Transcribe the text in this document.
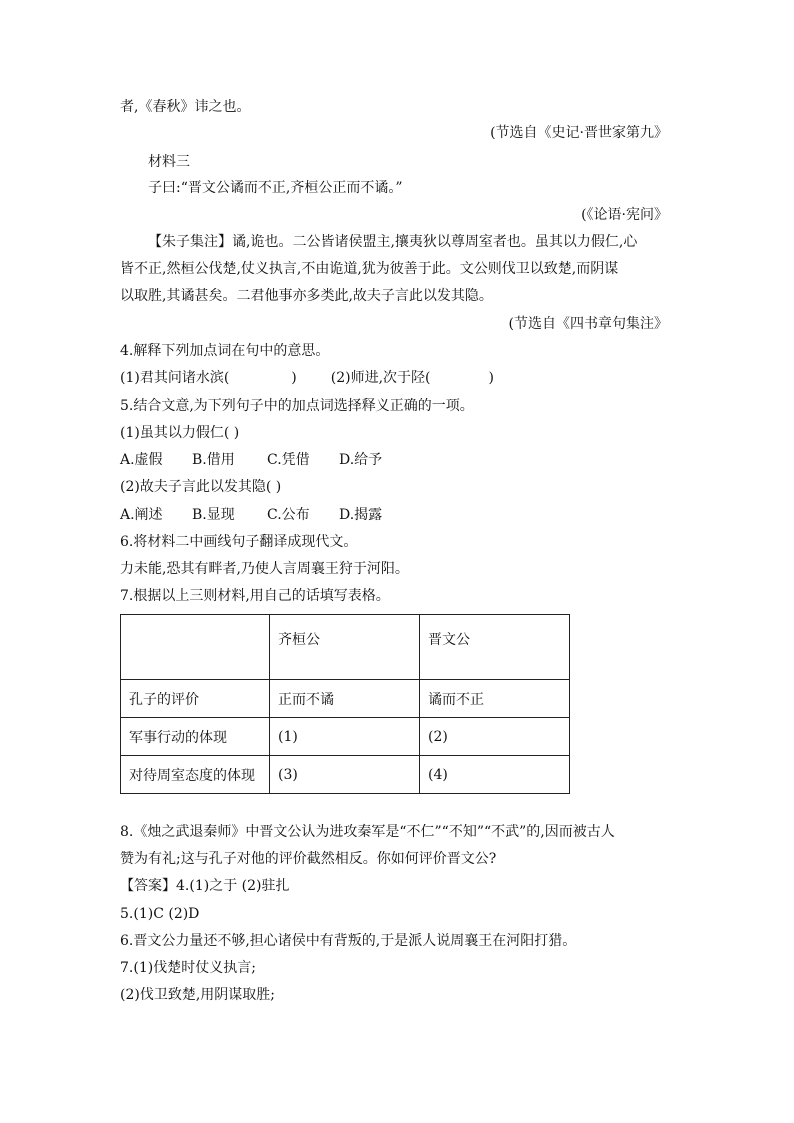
者,《春秋》讳之也。
(节选自《史记·晋世家第九》
材料三
子曰:“晋文公谲而不正,齐桓公正而不谲。”
(《论语·宪问》
【朱子集注】谲,诡也。二公皆诸侯盟主,攘夷狄以尊周室者也。虽其以力假仁,心
皆不正,然桓公伐楚,仗义执言,不由诡道,犹为彼善于此。文公则伐卫以致楚,而阴谋
以取胜,其谲甚矣。二君他事亦多类此,故夫子言此以发其隐。
(节选自《四书章句集注》
4.解释下列加点词在句中的意思。
(1)君其问诸水滨(	) (2)师进,次于陉(	)
5.结合文意,为下列句子中的加点词选择释义正确的一项。
(1)虽其以力假仁( )
A.虚假 B.借用 C.凭借 D.给予
(2)故夫子言此以发其隐( )
A.阐述 B.显现 C.公布 D.揭露
6.将材料二中画线句子翻译成现代文。
力未能,恐其有畔者,乃使人言周襄王狩于河阳。
7.根据以上三则材料,用自己的话填写表格。
	齐桓公	晋文公
孔子的评价	正而不谲	谲而不正
军事行动的体现	(1)	(2)
对待周室态度的体现	(3)	(4)
8.《烛之武退秦师》中晋文公认为进攻秦军是“不仁”“不知”“不武”的,因而被古人
赞为有礼;这与孔子对他的评价截然相反。你如何评价晋文公?
【答案】4.(1)之于 (2)驻扎
5.(1)C (2)D
6.晋文公力量还不够,担心诸侯中有背叛的,于是派人说周襄王在河阳打猎。
7.(1)伐楚时仗义执言;
(2)伐卫致楚,用阴谋取胜;
